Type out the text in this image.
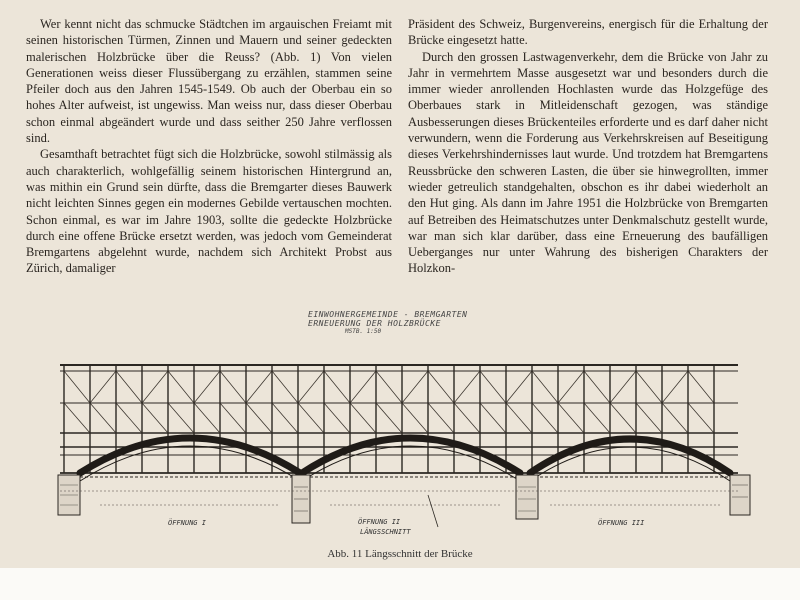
Wer kennt nicht das schmucke Städtchen im argauischen Freiamt mit seinen historischen Türmen, Zinnen und Mauern und seiner gedeckten malerischen Holzbrücke über die Reuss? (Abb. 1) Von vielen Generationen weiss dieser Flussübergang zu erzählen, stammen seine Pfeiler doch aus den Jahren 1545-1549. Ob auch der Oberbau ein so hohes Alter aufweist, ist ungewiss. Man weiss nur, dass dieser Oberbau schon einmal abgeändert wurde und dass seither 250 Jahre verflossen sind.

Gesamthaft betrachtet fügt sich die Holzbrücke, sowohl stilmässig als auch charakterlich, wohlgefällig seinem historischen Hintergrund an, was mithin ein Grund sein dürfte, dass die Bremgarter dieses Bauwerk nicht leichten Sinnes gegen ein modernes Gebilde vertauschen mochten. Schon einmal, es war im Jahre 1903, sollte die gedeckte Holzbrücke durch eine offene Brücke ersetzt werden, was jedoch vom Gemeinderat Bremgartens abgelehnt wurde, nachdem sich Architekt Probst aus Zürich, damaliger

Präsident des Schweiz, Burgenvereins, energisch für die Erhaltung der Brücke eingesetzt hatte.

Durch den grossen Lastwagenverkehr, dem die Brücke von Jahr zu Jahr in vermehrtem Masse ausgesetzt war und besonders durch die immer wieder anrollenden Hochlasten wurde das Holzgefüge des Oberbaues stark in Mitleidenschaft gezogen, was ständige Ausbesserungen dieses Brückenteiles erforderte und es darf daher nicht verwundern, wenn die Forderung aus Verkehrskreisen auf Beseitigung dieses Verkehrshindernisses laut wurde. Und trotzdem hat Bremgartens Reussbrücke den schweren Lasten, die über sie hinwegrollten, immer wieder getreulich standgehalten, obschon es ihr dabei wiederholt an den Hut ging. Als dann im Jahre 1951 die Holzbrücke von Bremgarten auf Betreiben des Heimatschutzes unter Denkmalschutz gestellt wurde, war man sich klar darüber, dass eine Erneuerung des baufälligen Ueberganges nur unter Wahrung des bisherigen Charakters der Holzkon-

EINWOHNERGEMEINDE - BREMGARTEN
ERNEUERUNG DER HOLZBRÜCKE
MSTB. 1:50
ÖFFNUNG I	ÖFFNUNG II	ÖFFNUNG III
LÄNGSSCHNITT
Abb. 11 Längsschnitt der Brücke
